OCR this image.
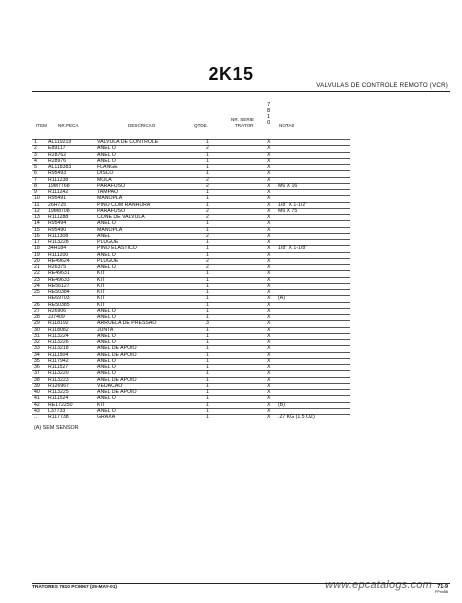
2K15
VALVULAS DE CONTROLE REMOTO (VCR)
7
8
1
0
ITEM NR.PECA	DESCRICAO	QTDE.
NR. SERIE
TRATOR	NOTAS
1	AL119219	VALVULA DE CONTROLE	1	X
2	E89117	ANEL O	2	X
3	R28762	ANEL O	1	X
4	R28976	ANEL O	1	X
5	AL118383	FLANGE	1	X
6	R95493	DISCO	1	X
7	R111238	MOLA	2	X
8	19M7768	PARAFUSO	2	X M6 X 16
9	R111242	TAMPAO	1	X
10	R95491	MANOPLA	1	X
11	26H725	PINO COM RANHURA	1	X 1/8" X 1-1/2"
12	19M8708	PARAFUSO	2	X M6 X 75
13	R111288	CONE DE VALVULA	2	X
14	R95494	ANEL O	1	X
15	R95490	MANOPLA	1	X
16	R111308	ANEL	2	X
17	R113228	PLUGUE	1	X
18	34H184	PINO ELASTICO	1	X 1/8" X 1-1/8"
19	R111200	ANEL O	1	X
20	RE49624	PLUGUE	2	X
21	R26375	ANEL O	2	X
22	RE49631	KIT	1	X
23	RE49633	KIT	1	X
24	RE56127	KIT	1	X
25	RE50384	KIT	1	X
RE69703	KIT	1	X (A)
26	RE50385	KIT	1	X
27	R26906	ANEL O	1	X
28	JJ7409	ANEL O	1	X
29	R118192	ARRUELA DE PRESSAO	3	X
30	R118082	JUNTA	1	X
31	R113224	ANEL O	1	X
32	R113226	ANEL O	1	X
33	R113218	ANEL DE APOIO	1	X
34	R111504	ANEL DE APOIO	1	X
35	R117942	ANEL O	1	X
36	R111527	ANEL O	1	X
37	R113220	ANEL O	1	X
38	R113223	ANEL DE APOIO	1	X
39	R126967	VEDACAO	1	X
40	R113225	ANEL DE APOIO	1	X
41	R111524	ANEL O	1	X
42	RE172250	KIT	1	X (B)
43	L37733	ANEL O	1	X
..	R117738	GRAXA	1	X .27 KG (1.5 OZ)
(A) SEM SENSOR
www.epcatalogs.com
TRATORES 7810 PC9067 (25-MAY-01)	71-9
PPrin8B
